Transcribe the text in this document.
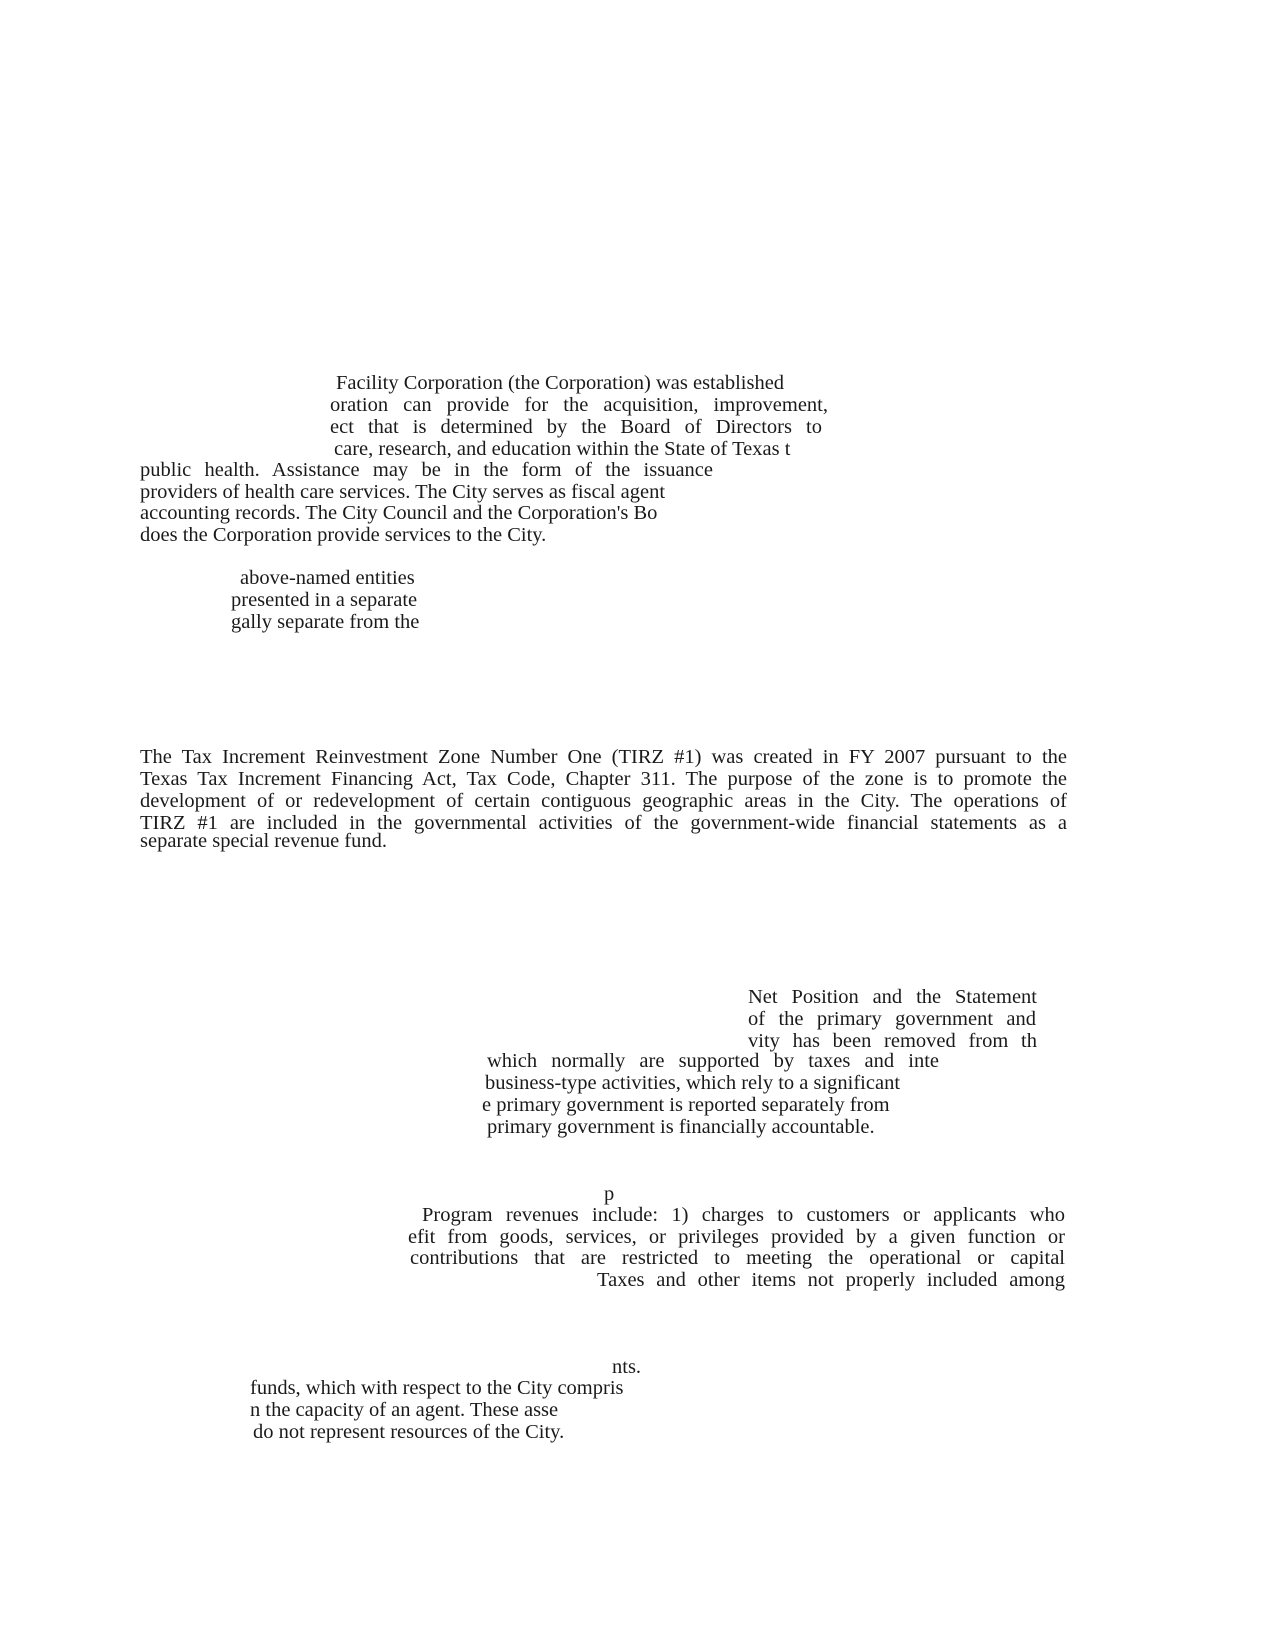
Facility Corporation (the Corporation) was established
oration can provide for the acquisition, improvement,
ect that is determined by the Board of Directors to
care, research, and education within the State of Texas t
public health. Assistance may be in the form of the issuance
providers of health care services. The City serves as fiscal agent
accounting records. The City Council and the Corporation's Bo
does the Corporation provide services to the City.
above-named entities
presented in a separate
gally separate from the
The Tax Increment Reinvestment Zone Number One (TIRZ #1) was created in FY 2007 pursuant to the
Texas Tax Increment Financing Act, Tax Code, Chapter 311. The purpose of the zone is to promote the
development of or redevelopment of certain contiguous geographic areas in the City. The operations of
TIRZ #1 are included in the governmental activities of the government-wide financial statements as a
separate special revenue fund.
Net Position and the Statement
of the primary government and
vity has been removed from th
which normally are supported by taxes and inte
business-type activities, which rely to a significant
e primary government is reported separately from
primary government is financially accountable.
p
Program revenues include: 1) charges to customers or applicants who
efit from goods, services, or privileges provided by a given function or
contributions that are restricted to meeting the operational or capital
Taxes and other items not properly included among
nts.
funds, which with respect to the City compris
n the capacity of an agent. These asse
do not represent resources of the City.
